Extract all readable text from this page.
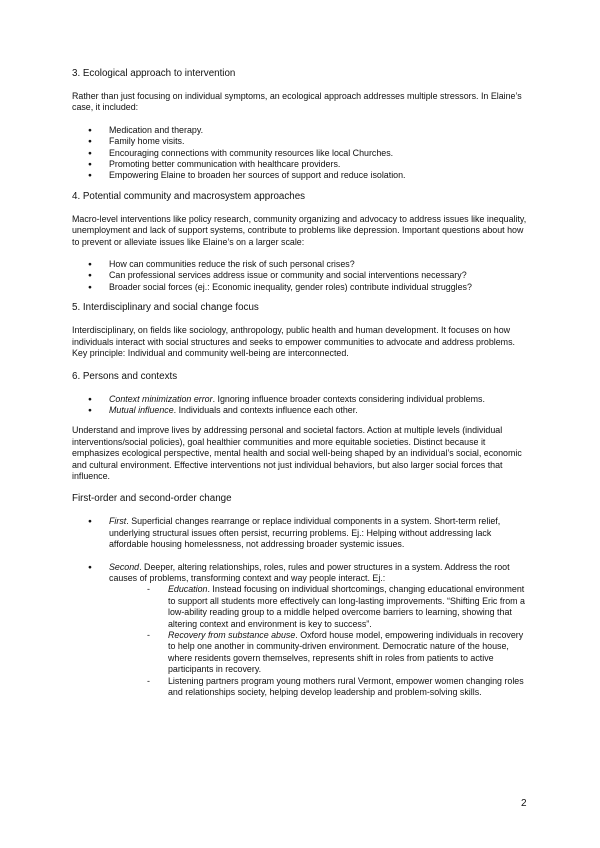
3. Ecological approach to intervention

Rather than just focusing on individual symptoms, an ecological approach addresses multiple stressors. In Elaine’s case, it included:

● Medication and therapy.
● Family home visits.
● Encouraging connections with community resources like local Churches.
● Promoting better communication with healthcare providers.
● Empowering Elaine to broaden her sources of support and reduce isolation.
4. Potential community and macrosystem approaches

Macro-level interventions like policy research, community organizing and advocacy to address issues like inequality, unemployment and lack of support systems, contribute to problems like depression. Important questions about how to prevent or alleviate issues like Elaine’s on a larger scale:

● How can communities reduce the risk of such personal crises?
● Can professional services address issue or community and social interventions necessary?
● Broader social forces (ej.: Economic inequality, gender roles) contribute individual struggles?
5. Interdisciplinary and social change focus

Interdisciplinary, on fields like sociology, anthropology, public health and human development. It focuses on how individuals interact with social structures and seeks to empower communities to advocate and address problems. Key principle: Individual and community well-being are interconnected.

6. Persons and contexts
● Context minimization error. Ignoring influence broader contexts considering individual problems.
● Mutual influence. Individuals and contexts influence each other.

Understand and improve lives by addressing personal and societal factors. Action at multiple levels (individual interventions/social policies), goal healthier communities and more equitable societies. Distinct because it emphasizes ecological perspective, mental health and social well-being shaped by an individual’s social, economic and cultural environment. Effective interventions not just individual behaviors, but also larger social forces that influence.

First-order and second-order change
● First. Superficial changes rearrange or replace individual components in a system. Short-term relief, underlying structural issues often persist, recurring problems. Ej.: Helping without addressing lack affordable housing homelessness, not addressing broader systemic issues.
● Second. Deeper, altering relationships, roles, rules and power structures in a system. Address the root causes of problems, transforming context and way people interact. Ej.:
- Education. Instead focusing on individual shortcomings, changing educational environment to support all students more effectively can long-lasting improvements. “Shifting Eric from a low-ability reading group to a middle helped overcome barriers to learning, showing that altering context and environment is key to success”.
- Recovery from substance abuse. Oxford house model, empowering individuals in recovery to help one another in community-driven environment. Democratic nature of the house, where residents govern themselves, represents shift in roles from patients to active participants in recovery.
- Listening partners program young mothers rural Vermont, empower women changing roles and relationships society, helping develop leadership and problem-solving skills.
2
